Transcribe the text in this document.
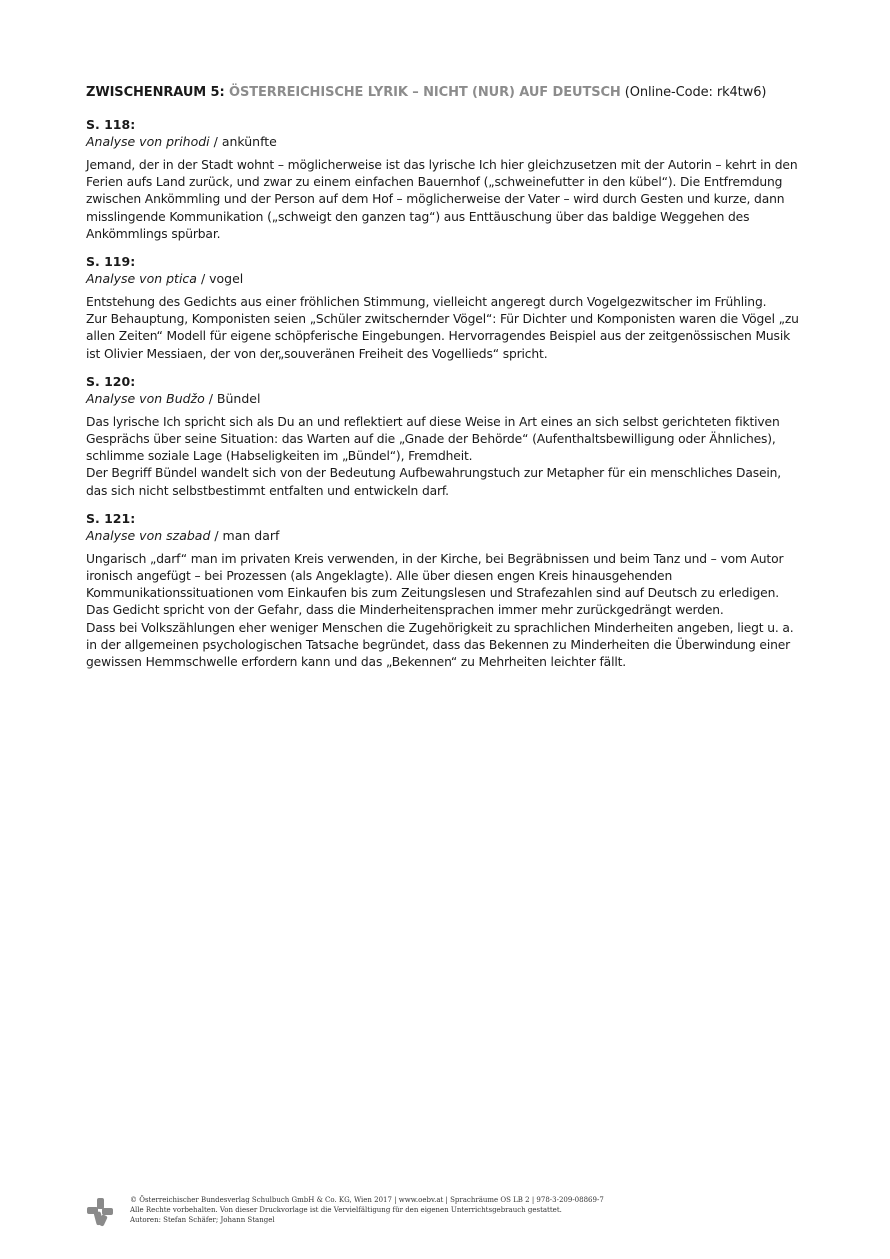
ZWISCHENRAUM 5: ÖSTERREICHISCHE LYRIK – NICHT (NUR) AUF DEUTSCH (Online-Code: rk4tw6)

S. 118:

Analyse von prihodi / ankünfte

Jemand, der in der Stadt wohnt – möglicherweise ist das lyrische Ich hier gleichzusetzen mit der Autorin – kehrt in den Ferien aufs Land zurück, und zwar zu einem einfachen Bauernhof („schweinefutter in den kübel“). Die Entfremdung zwischen Ankömmling und der Person auf dem Hof – möglicherweise der Vater – wird durch Gesten und kurze, dann misslingende Kommunikation („schweigt den ganzen tag“) aus Enttäuschung über das baldige Weggehen des Ankömmlings spürbar.

S. 119:

Analyse von ptica / vogel

Entstehung des Gedichts aus einer fröhlichen Stimmung, vielleicht angeregt durch Vogelgezwitscher im Frühling.

Zur Behauptung, Komponisten seien „Schüler zwitschernder Vögel“: Für Dichter und Komponisten waren die Vögel „zu allen Zeiten“ Modell für eigene schöpferische Eingebungen. Hervorragendes Beispiel aus der zeitgenössischen Musik ist Olivier Messiaen, der von der„souveränen Freiheit des Vogellieds“ spricht.

S. 120:

Analyse von Budžo / Bündel

Das lyrische Ich spricht sich als Du an und reflektiert auf diese Weise in Art eines an sich selbst gerichteten fiktiven Gesprächs über seine Situation: das Warten auf die „Gnade der Behörde“ (Aufenthaltsbewilligung oder Ähnliches), schlimme soziale Lage (Habseligkeiten im „Bündel“), Fremdheit.

Der Begriff Bündel wandelt sich von der Bedeutung Aufbewahrungstuch zur Metapher für ein menschliches Dasein, das sich nicht selbstbestimmt entfalten und entwickeln darf.

S. 121:

Analyse von szabad / man darf

Ungarisch „darf“ man im privaten Kreis verwenden, in der Kirche, bei Begräbnissen und beim Tanz und – vom Autor ironisch angefügt – bei Prozessen (als Angeklagte). Alle über diesen engen Kreis hinausgehenden Kommunikationssituationen vom Einkaufen bis zum Zeitungslesen und Strafezahlen sind auf Deutsch zu erledigen.

Das Gedicht spricht von der Gefahr, dass die Minderheitensprachen immer mehr zurückgedrängt werden.

Dass bei Volkszählungen eher weniger Menschen die Zugehörigkeit zu sprachlichen Minderheiten angeben, liegt u. a. in der allgemeinen psychologischen Tatsache begründet, dass das Bekennen zu Minderheiten die Überwindung einer gewissen Hemmschwelle erfordern kann und das „Bekennen“ zu Mehrheiten leichter fällt.

© Österreichischer Bundesverlag Schulbuch GmbH & Co. KG, Wien 2017 | www.oebv.at | Sprachräume OS LB 2 | 978-3-209-08869-7
Alle Rechte vorbehalten. Von dieser Druckvorlage ist die Vervielfältigung für den eigenen Unterrichtsgebrauch gestattet.
Autoren: Stefan Schäfer; Johann Stangel
